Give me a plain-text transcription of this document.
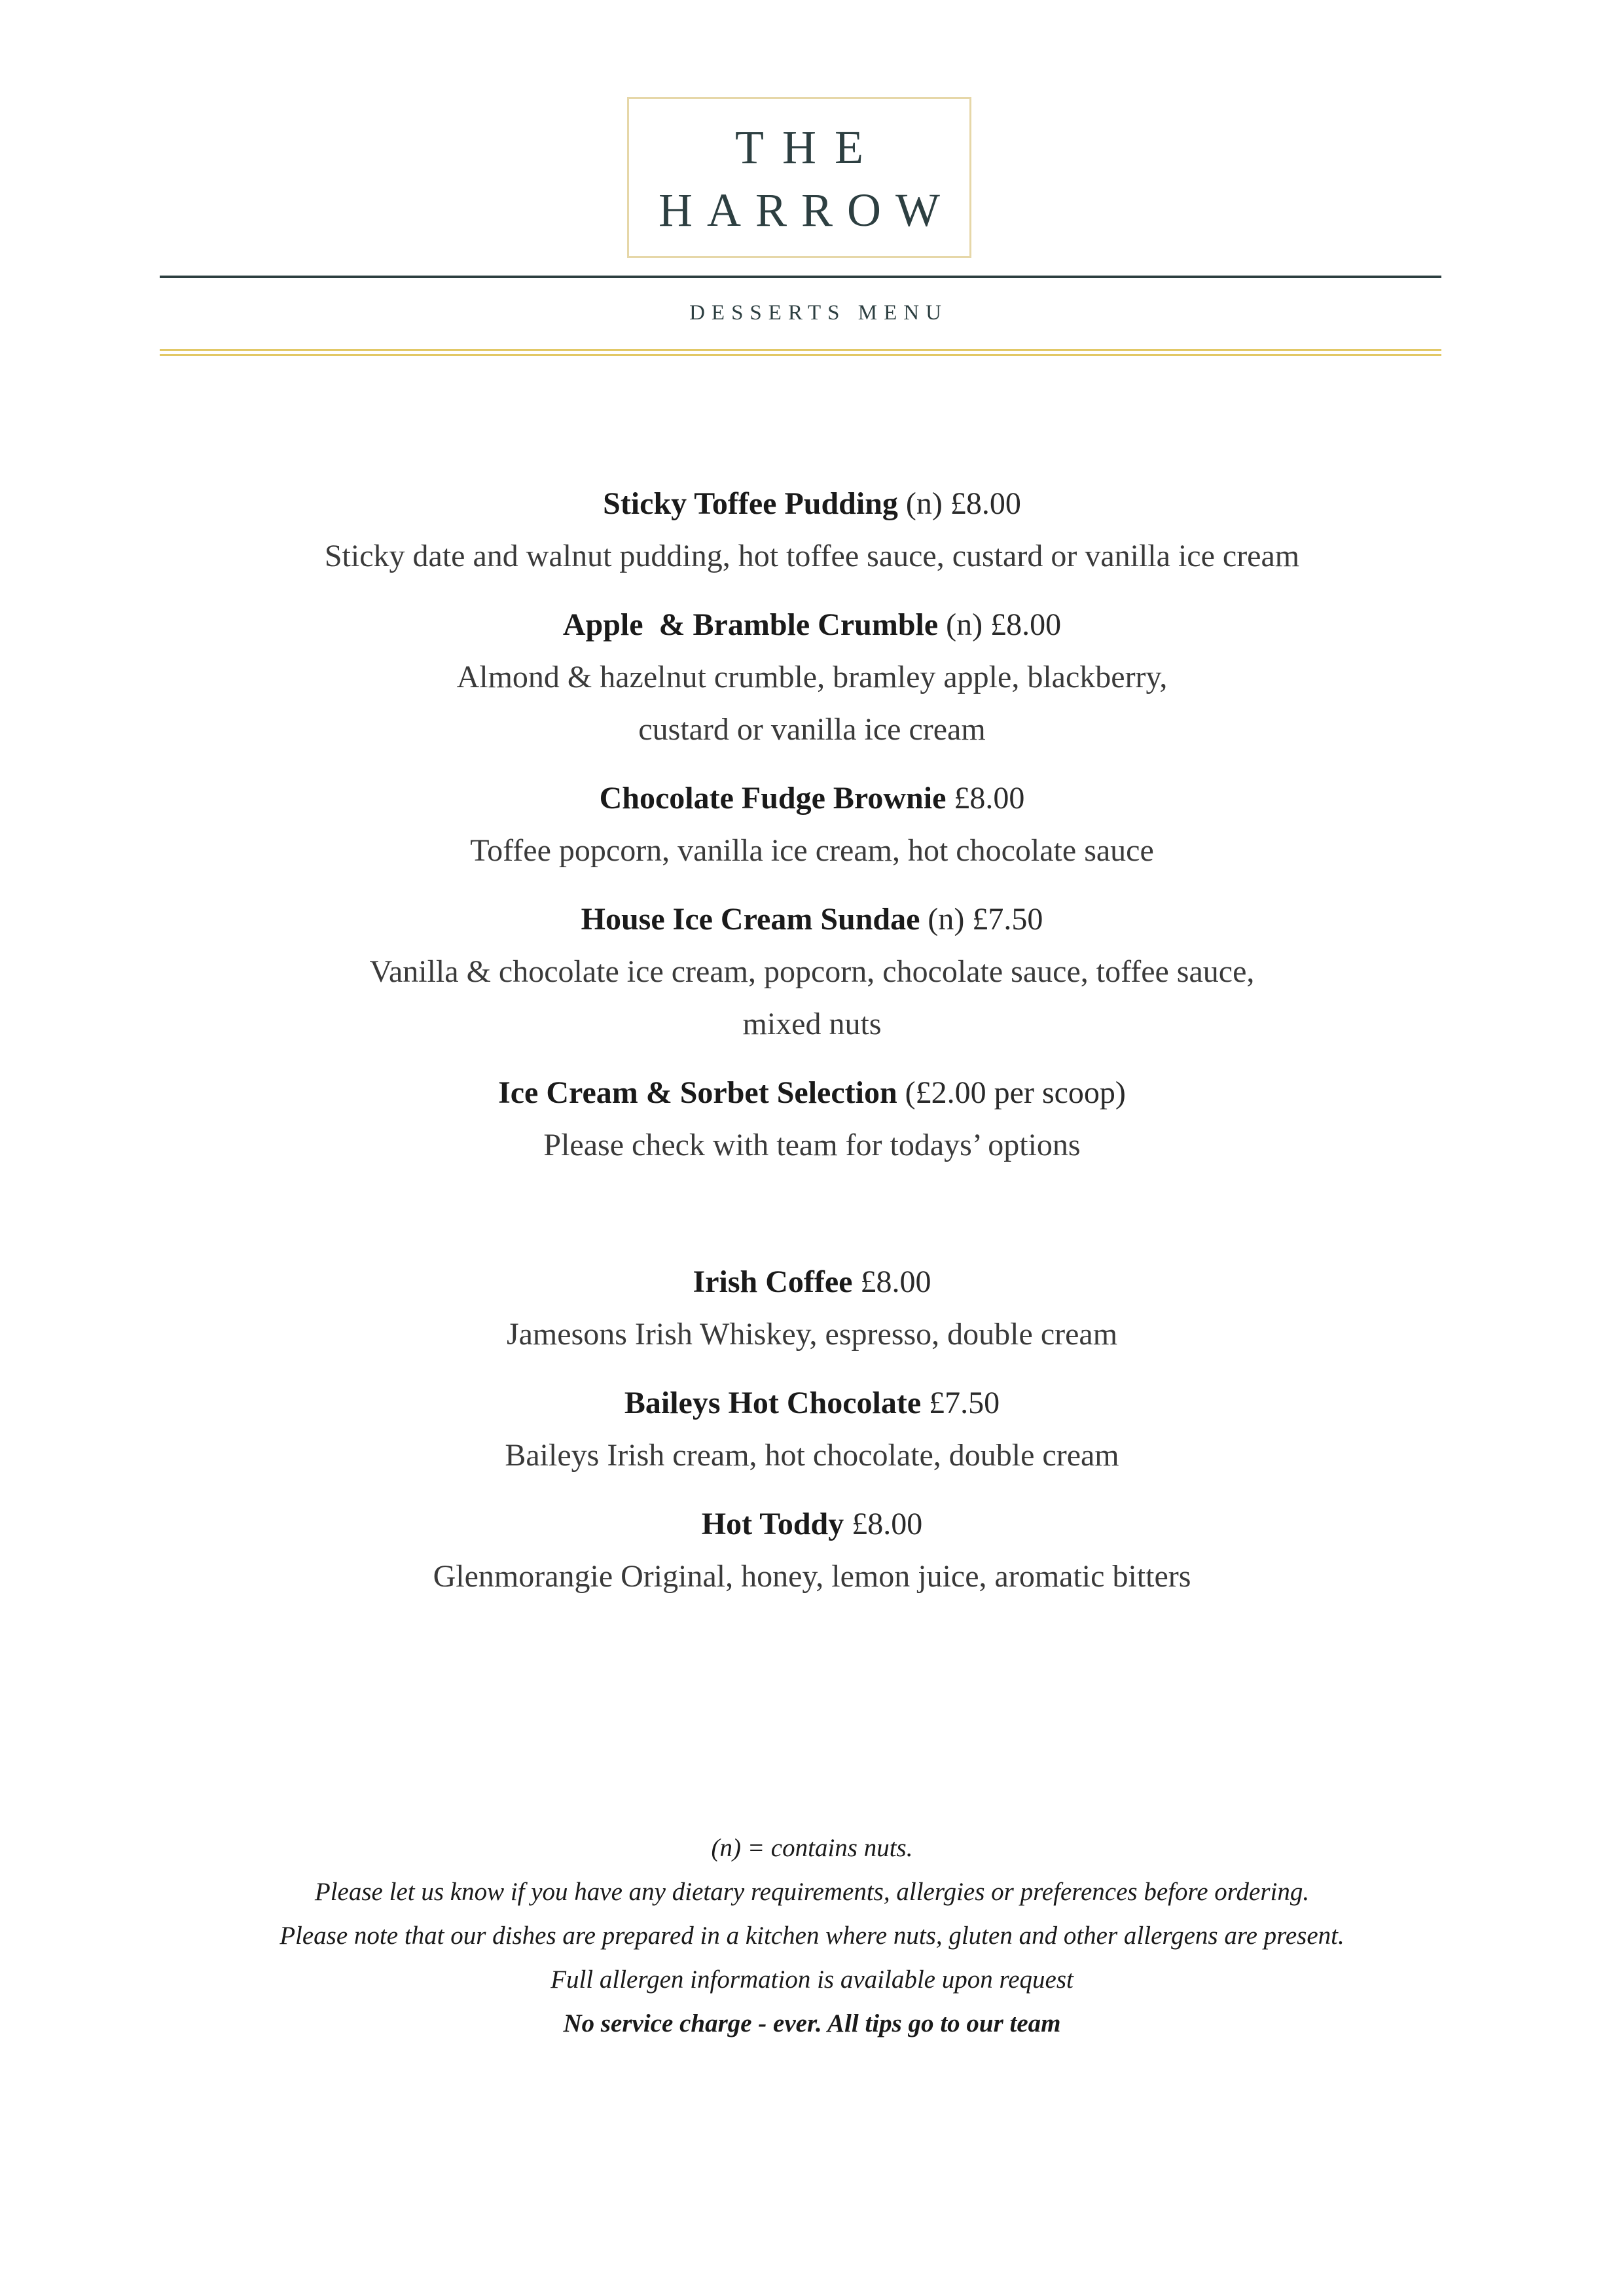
THE
HARROW
DESSERTS MENU
Sticky Toffee Pudding (n) £8.00
Sticky date and walnut pudding, hot toffee sauce, custard or vanilla ice cream
Apple  & Bramble Crumble (n) £8.00
Almond & hazelnut crumble, bramley apple, blackberry,
custard or vanilla ice cream
Chocolate Fudge Brownie £8.00
Toffee popcorn, vanilla ice cream, hot chocolate sauce
House Ice Cream Sundae (n) £7.50
Vanilla & chocolate ice cream, popcorn, chocolate sauce, toffee sauce,
mixed nuts
Ice Cream & Sorbet Selection (£2.00 per scoop)
Please check with team for todays’ options
Irish Coffee £8.00
Jamesons Irish Whiskey, espresso, double cream
Baileys Hot Chocolate £7.50
Baileys Irish cream, hot chocolate, double cream
Hot Toddy £8.00
Glenmorangie Original, honey, lemon juice, aromatic bitters
(n) = contains nuts.
Please let us know if you have any dietary requirements, allergies or preferences before ordering.
Please note that our dishes are prepared in a kitchen where nuts, gluten and other allergens are present.
Full allergen information is available upon request
No service charge - ever. All tips go to our team
